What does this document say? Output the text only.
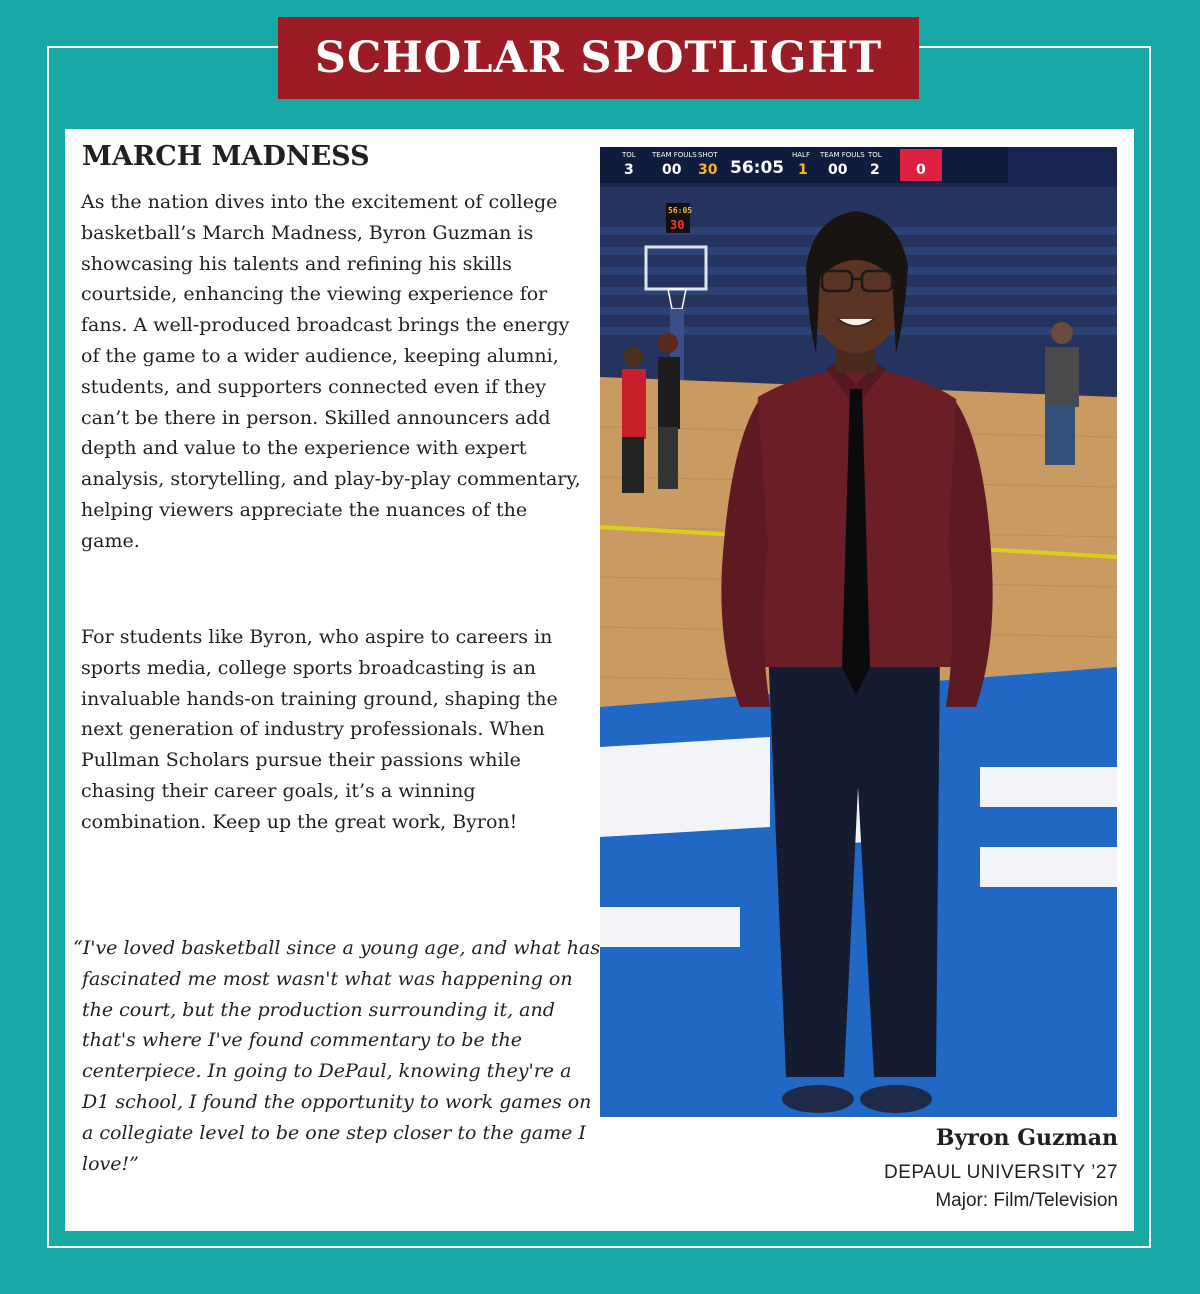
SCHOLAR SPOTLIGHT
MARCH MADNESS

As the nation dives into the excitement of college basketball’s March Madness, Byron Guzman is showcasing his talents and refining his skills courtside, enhancing the viewing experience for fans. A well-produced broadcast brings the energy of the game to a wider audience, keeping alumni, students, and supporters connected even if they can’t be there in person. Skilled announcers add depth and value to the experience with expert analysis, storytelling, and play-by-play commentary, helping viewers appreciate the nuances of the game.

For students like Byron, who aspire to careers in sports media, college sports broadcasting is an invaluable hands-on training ground, shaping the next generation of industry professionals. When Pullman Scholars pursue their passions while chasing their career goals, it’s a winning combination. Keep up the great work, Byron!

“I've loved basketball since a young age, and what has fascinated me most wasn't what was happening on the court, but the production surrounding it, and that's where I've found commentary to be the centerpiece. In going to DePaul, knowing they're a D1 school, I found the opportunity to work games on a collegiate level to be one step closer to the game I love!”

TOL
3
TEAM FOULS
00
SHOT
30 56:05
HALF
1
TEAM FOULS
00
TOL
2	0
56:05
30

Byron Guzman

DEPAUL UNIVERSITY ’27

Major: Film/Television
